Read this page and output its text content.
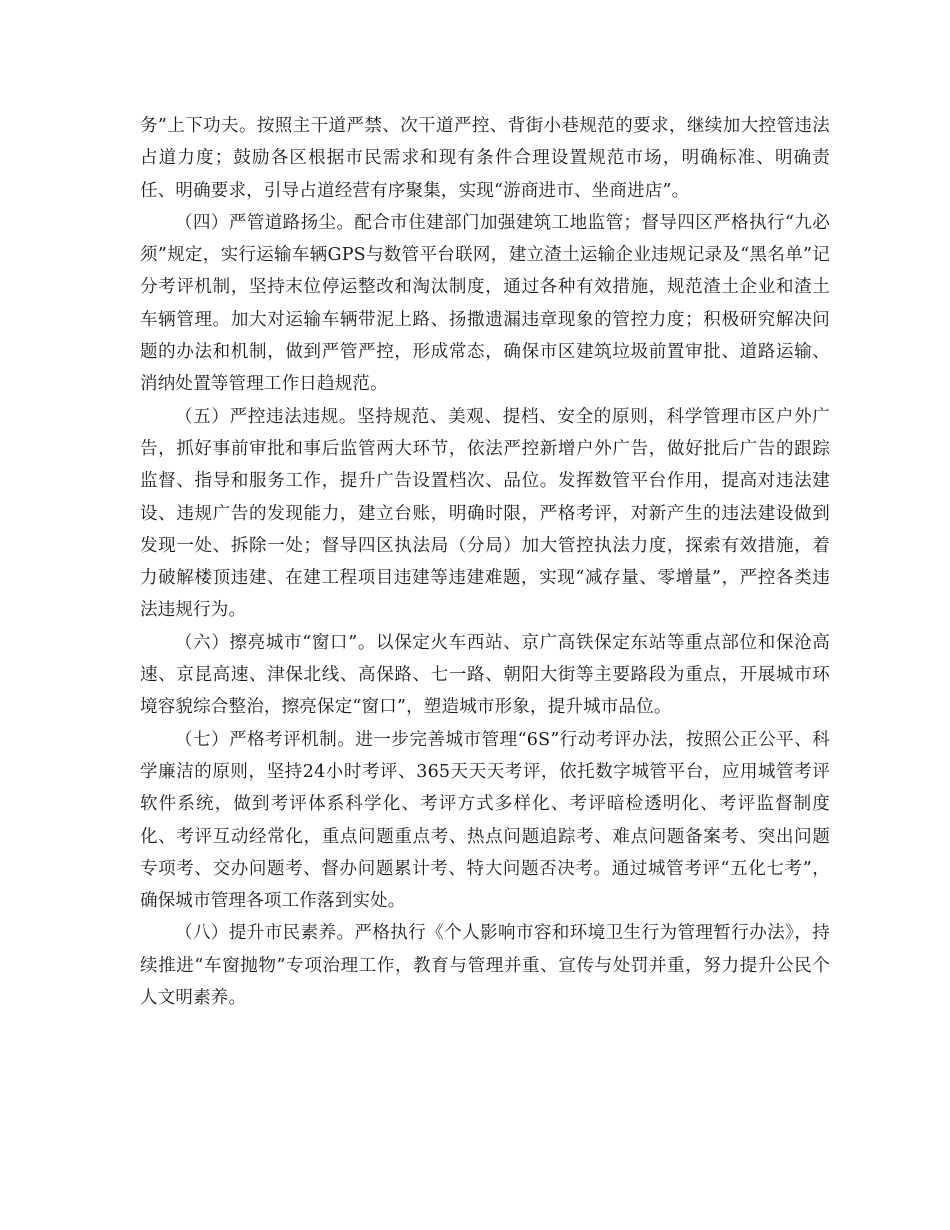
务”上下功夫。按照主干道严禁、次干道严控、背街小巷规范的要求，继续加大控管违法占道力度；鼓励各区根据市民需求和现有条件合理设置规范市场，明确标准、明确责任、明确要求，引导占道经营有序聚集，实现“游商进市、坐商进店”。

（四）严管道路扬尘。配合市住建部门加强建筑工地监管；督导四区严格执行“九必须”规定，实行运输车辆GPS与数管平台联网，建立渣土运输企业违规记录及“黑名单”记分考评机制，坚持末位停运整改和淘汰制度，通过各种有效措施，规范渣土企业和渣土车辆管理。加大对运输车辆带泥上路、扬撒遗漏违章现象的管控力度；积极研究解决问题的办法和机制，做到严管严控，形成常态，确保市区建筑垃圾前置审批、道路运输、消纳处置等管理工作日趋规范。

（五）严控违法违规。坚持规范、美观、提档、安全的原则，科学管理市区户外广告，抓好事前审批和事后监管两大环节，依法严控新增户外广告，做好批后广告的跟踪监督、指导和服务工作，提升广告设置档次、品位。发挥数管平台作用，提高对违法建设、违规广告的发现能力，建立台账，明确时限，严格考评，对新产生的违法建设做到发现一处、拆除一处；督导四区执法局（分局）加大管控执法力度，探索有效措施，着力破解楼顶违建、在建工程项目违建等违建难题，实现“减存量、零增量”，严控各类违法违规行为。

（六）擦亮城市“窗口”。以保定火车西站、京广高铁保定东站等重点部位和保沧高速、京昆高速、津保北线、高保路、七一路、朝阳大街等主要路段为重点，开展城市环境容貌综合整治，擦亮保定“窗口”，塑造城市形象，提升城市品位。

（七）严格考评机制。进一步完善城市管理“6S”行动考评办法，按照公正公平、科学廉洁的原则，坚持24小时考评、365天天天考评，依托数字城管平台，应用城管考评软件系统，做到考评体系科学化、考评方式多样化、考评暗检透明化、考评监督制度化、考评互动经常化，重点问题重点考、热点问题追踪考、难点问题备案考、突出问题专项考、交办问题考、督办问题累计考、特大问题否决考。通过城管考评“五化七考”，确保城市管理各项工作落到实处。

（八）提升市民素养。严格执行《个人影响市容和环境卫生行为管理暂行办法》，持续推进“车窗抛物”专项治理工作，教育与管理并重、宣传与处罚并重，努力提升公民个人文明素养。
